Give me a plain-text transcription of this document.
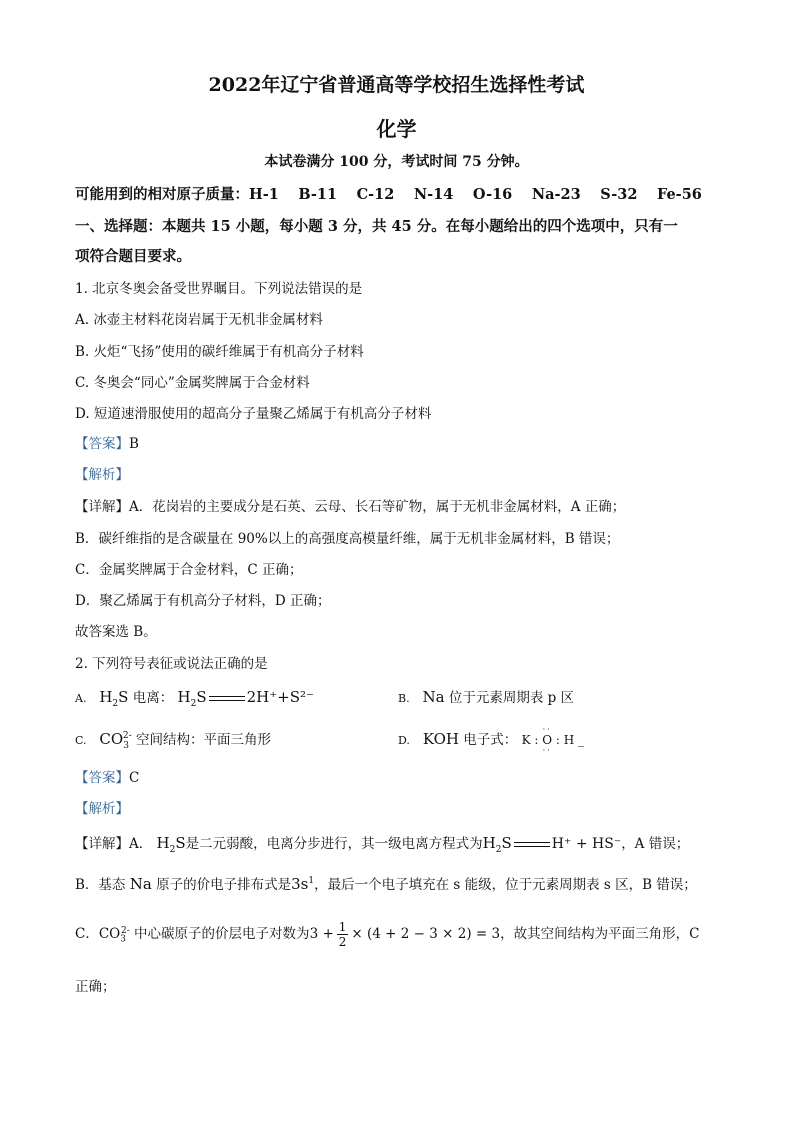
2022年辽宁省普通高等学校招生选择性考试
化学
本试卷满分 100 分，考试时间 75 分钟。
可能用到的相对原子质量：H-1  B-11  C-12  N-14  O-16  Na-23  S-32  Fe-56
一、选择题：本题共 15 小题，每小题 3 分，共 45 分。在每小题给出的四个选项中，只有一
项符合题目要求。
1. 北京冬奥会备受世界瞩目。下列说法错误的是
A. 冰壶主材料花岗岩属于无机非金属材料
B. 火炬“飞扬”使用的碳纤维属于有机高分子材料
C. 冬奥会“同心”金属奖牌属于合金材料
D. 短道速滑服使用的超高分子量聚乙烯属于有机高分子材料
【答案】B
【解析】
【详解】A．花岗岩的主要成分是石英、云母、长石等矿物，属于无机非金属材料，A 正确；
B．碳纤维指的是含碳量在 90%以上的高强度高模量纤维，属于无机非金属材料，B 错误；
C．金属奖牌属于合金材料，C 正确；
D．聚乙烯属于有机高分子材料，D 正确；
故答案选 B。
2. 下列符号表征或说法正确的是
A. $H_2S$ 电离： $H_2S$	2H⁺+S²⁻	B. Na 位于元素周期表 p 区
C. $CO_3^{2-}$ 空间结构：平面三角形	D. KOH 电子式： K :
··
O
··
: H _
【答案】C
【解析】
【详解】A． $H_2S$是二元弱酸，电离分步进行，其一级电离方程式为$H_2S$	H⁺ + HS⁻，A 错误；
B．基态 Na 原子的价电子排布式是$3s^1$，最后一个电子填充在 s 能级，位于元素周期表 s 区，B 错误；
C．$CO_3^{2-}$ 中心碳原子的价层电子对数为$3 + \frac{1}{2} \times (4 + 2 - 3 \times 2) = 3$，故其空间结构为平面三角形，C
正确；
